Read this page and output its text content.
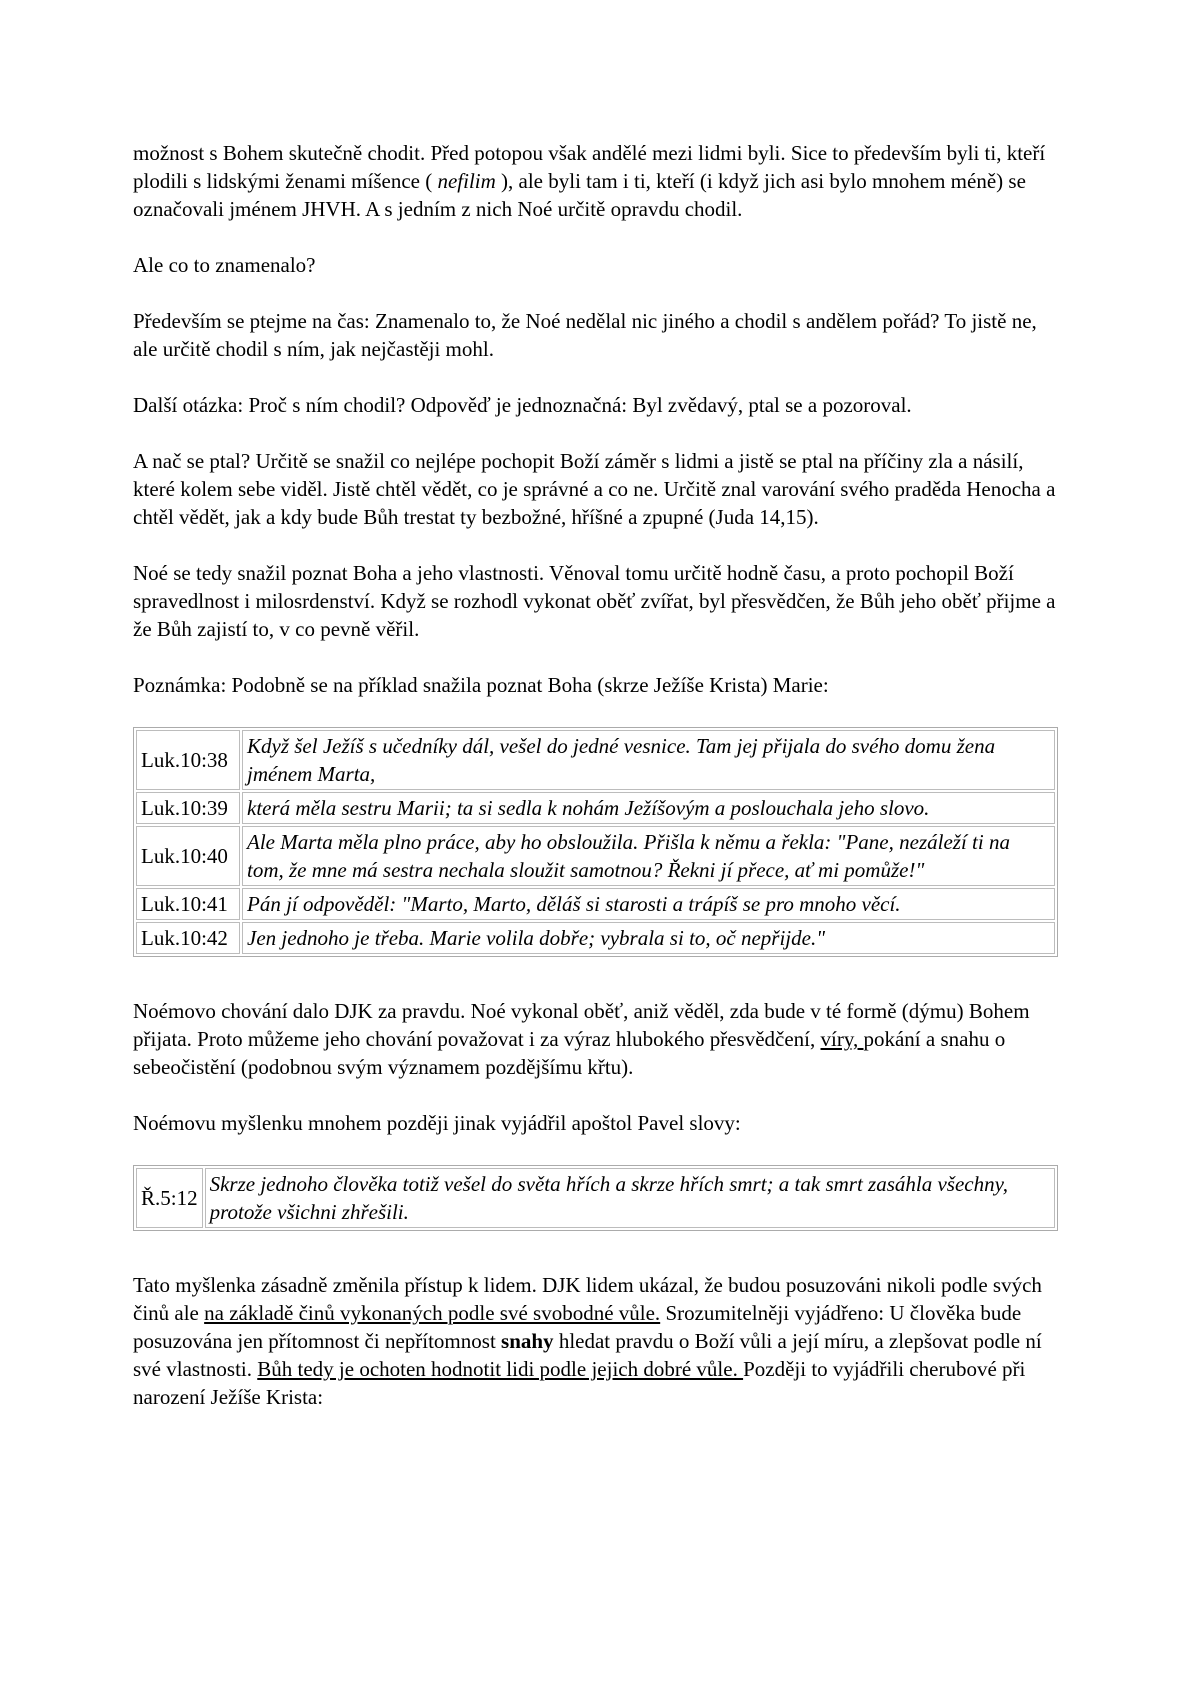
možnost s Bohem skutečně chodit. Před potopou však andělé mezi lidmi byli. Sice to především byli ti, kteří plodili s lidskými ženami míšence ( nefilim ), ale byli tam i ti, kteří (i když jich asi bylo mnohem méně) se označovali jménem JHVH. A s jedním z nich Noé určitě opravdu chodil.

Ale co to znamenalo?

Především se ptejme na čas: Znamenalo to, že Noé nedělal nic jiného a chodil s andělem pořád? To jistě ne, ale určitě chodil s ním, jak nejčastěji mohl.

Další otázka: Proč s ním chodil? Odpověď je jednoznačná: Byl zvědavý, ptal se a pozoroval.

A nač se ptal? Určitě se snažil co nejlépe pochopit Boží záměr s lidmi a jistě se ptal na příčiny zla a násilí, které kolem sebe viděl. Jistě chtěl vědět, co je správné a co ne. Určitě znal varování svého praděda Henocha a chtěl vědět, jak a kdy bude Bůh trestat ty bezbožné, hříšné a zpupné (Juda 14,15).

Noé se tedy snažil poznat Boha a jeho vlastnosti. Věnoval tomu určitě hodně času, a proto pochopil Boží spravedlnost i milosrdenství. Když se rozhodl vykonat oběť zvířat, byl přesvědčen, že Bůh jeho oběť přijme a že Bůh zajistí to, v co pevně věřil.

Poznámka: Podobně se na příklad snažila poznat Boha (skrze Ježíše Krista) Marie:

Luk.10:38	Když šel Ježíš s učedníky dál, vešel do jedné vesnice. Tam jej přijala do svého domu žena jménem Marta,
Luk.10:39	která měla sestru Marii; ta si sedla k nohám Ježíšovým a poslouchala jeho slovo.
Luk.10:40	Ale Marta měla plno práce, aby ho obsloužila. Přišla k němu a řekla: "Pane, nezáleží ti na tom, že mne má sestra nechala sloužit samotnou? Řekni jí přece, ať mi pomůže!"
Luk.10:41	Pán jí odpověděl: "Marto, Marto, děláš si starosti a trápíš se pro mnoho věcí.
Luk.10:42	Jen jednoho je třeba. Marie volila dobře; vybrala si to, oč nepřijde."

Noémovo chování dalo DJK za pravdu. Noé vykonal oběť, aniž věděl, zda bude v té formě (dýmu) Bohem přijata. Proto můžeme jeho chování považovat i za výraz hlubokého přesvědčení, víry, pokání a snahu o sebeočistění (podobnou svým významem pozdějšímu křtu).

Noémovu myšlenku mnohem později jinak vyjádřil apoštol Pavel slovy:

Ř.5:12	Skrze jednoho člověka totiž vešel do světa hřích a skrze hřích smrt; a tak smrt zasáhla všechny, protože všichni zhřešili.

Tato myšlenka zásadně změnila přístup k lidem. DJK lidem ukázal, že budou posuzováni nikoli podle svých činů ale na základě činů vykonaných podle své svobodné vůle. Srozumitelněji vyjádřeno: U člověka bude posuzována jen přítomnost či nepřítomnost snahy hledat pravdu o Boží vůli a její míru, a zlepšovat podle ní své vlastnosti. Bůh tedy je ochoten hodnotit lidi podle jejich dobré vůle. Později to vyjádřili cherubové při narození Ježíše Krista:
